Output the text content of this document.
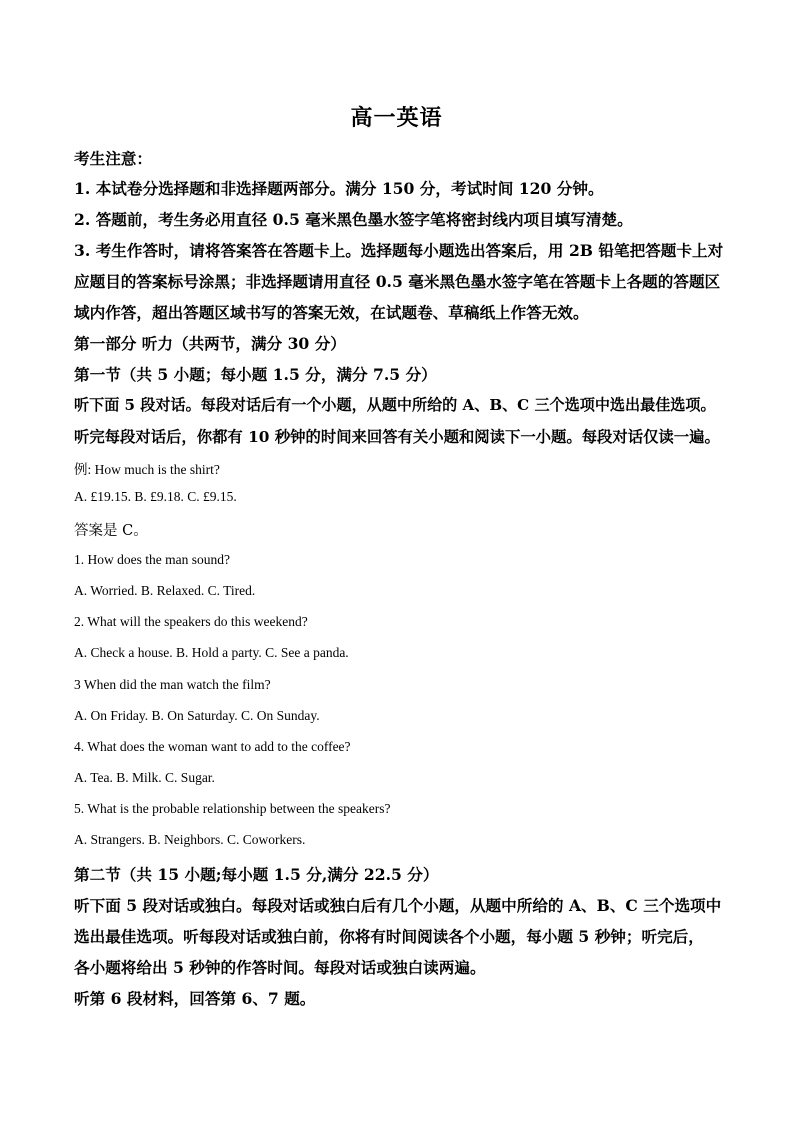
高一英语
考生注意：
1. 本试卷分选择题和非选择题两部分。满分 150 分，考试时间 120 分钟。
2. 答题前，考生务必用直径 0.5 毫米黑色墨水签字笔将密封线内项目填写清楚。
3. 考生作答时，请将答案答在答题卡上。选择题每小题选出答案后，用 2B 铅笔把答题卡上对
应题目的答案标号涂黑；非选择题请用直径 0.5 毫米黑色墨水签字笔在答题卡上各题的答题区
域内作答，超出答题区域书写的答案无效，在试题卷、草稿纸上作答无效。
第一部分 听力（共两节，满分 30 分）
第一节（共 5 小题；每小题 1.5 分，满分 7.5 分）
听下面 5 段对话。每段对话后有一个小题，从题中所给的 A、B、C 三个选项中选出最佳选项。
听完每段对话后，你都有 10 秒钟的时间来回答有关小题和阅读下一小题。每段对话仅读一遍。
例: How much is the shirt?
A. £19.15. B. £9.18. C. £9.15.
答案是 C。
1. How does the man sound?
A. Worried. B. Relaxed. C. Tired.
2. What will the speakers do this weekend?
A. Check a house. B. Hold a party. C. See a panda.
3 When did the man watch the film?
A. On Friday. B. On Saturday. C. On Sunday.
4. What does the woman want to add to the coffee?
A. Tea. B. Milk. C. Sugar.
5. What is the probable relationship between the speakers?
A. Strangers. B. Neighbors. C. Coworkers.
第二节（共 15 小题;每小题 1.5 分,满分 22.5 分）
听下面 5 段对话或独白。每段对话或独白后有几个小题，从题中所给的 A、B、C 三个选项中
选出最佳选项。听每段对话或独白前，你将有时间阅读各个小题，每小题 5 秒钟；听完后，
各小题将给出 5 秒钟的作答时间。每段对话或独白读两遍。
听第 6 段材料，回答第 6、7 题。
